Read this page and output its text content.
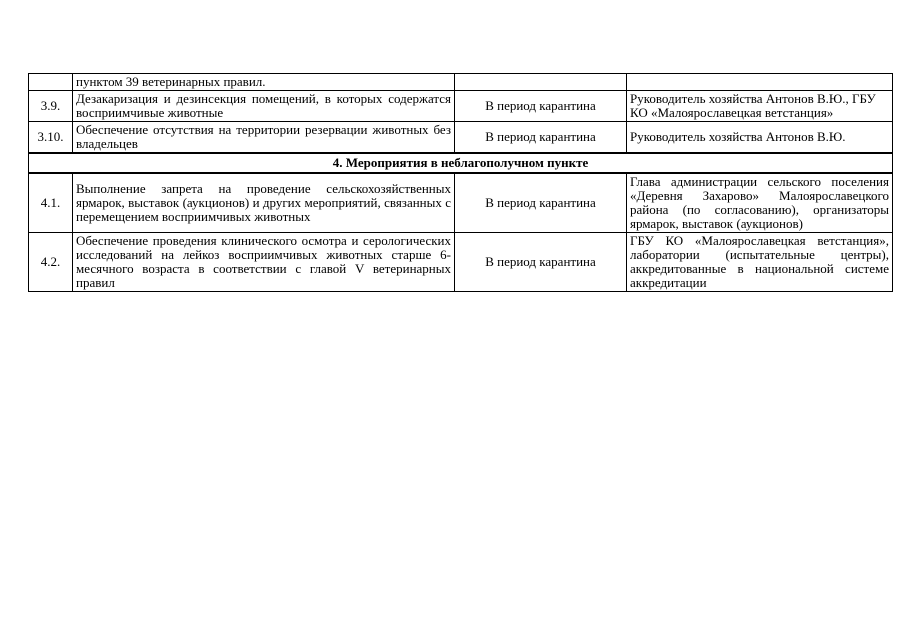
	пунктом 39 ветеринарных правил.		
3.9.	Дезакаризация и дезинсекция помещений, в которых содержатся восприимчивые животные	В период карантина	Руководитель хозяйства Антонов В.Ю., ГБУ КО «Малоярославецкая ветстанция»
3.10.	Обеспечение отсутствия на территории резервации животных без владельцев	В период карантина	Руководитель хозяйства Антонов В.Ю.
4. Мероприятия в неблагополучном пункте			
4.1.	Выполнение запрета на проведение сельскохозяйственных ярмарок, выставок (аукционов) и других мероприятий, связанных с перемещением восприимчивых животных	В период карантина	Глава администрации сельского поселения «Деревня Захарово» Малоярославецкого района (по согласованию), организаторы ярмарок, выставок (аукционов)
4.2.	Обеспечение проведения клинического осмотра и серологических исследований на лейкоз восприимчивых животных старше 6-месячного возраста в соответствии с главой V ветеринарных правил	В период карантина	ГБУ КО «Малоярославецкая ветстанция», лаборатории (испытательные центры), аккредитованные в национальной системе аккредитации
